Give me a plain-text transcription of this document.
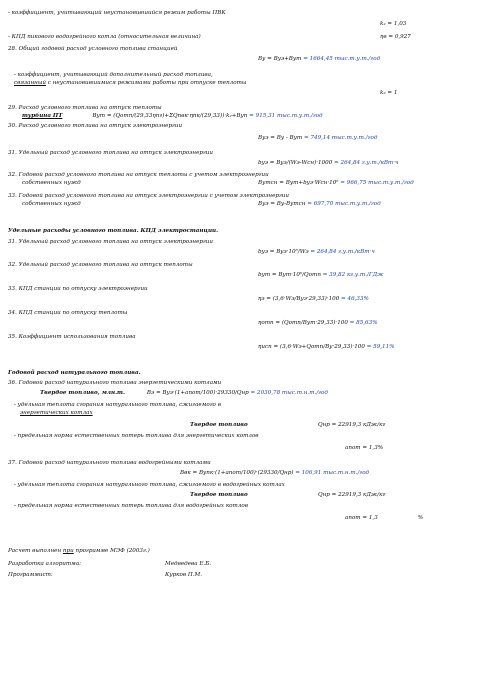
- коэффициент, учитывающий неустановившийся режим работы ПВК
k₂ = 1,03
- КПД пикового водогрейного котла (относительная величина)	ηв = 0,927
28. Общий годовой расход условного топлива станцией
Bу = Bуэ+Bут = 1664,45 тыс.т.у.т./год
- коэффициент, учитывающий дополнительный расход топлива,
связанный с неустановившимися режимами работы при отпуске теплоты
k₂ = 1
29. Расход условного топлива на отпуск теплоты
турбина ПТ	Bут = (Qотп/(29,33ηпг)+ΣQпвк·ηпк/(29,33))·k₂+Bуп = 915,31 тыс.т.у.т./год
30. Расход условного топлива на отпуск электроэнергии
Bуэ = Bу - Bут = 749,14 тыс.т.у.т./год
31. Удельный расход условного топлива на отпуск электроэнергии
bуэ = Bуэ/(Wэ-Wсн)·1000 = 264,84 г.у.т./кВт·ч
32. Годовой расход условного топлива на отпуск теплоты с учетом электроэнергии
собственных нужд	Bутсн = Bут+bуэ·Wсн·10⁶ = 966,75 тыс.т.у.т./год
33. Годовой расход условного топлива на отпуск электроэнергии с учетом электроэнергии
собственных нужд	Bуэ = Bу-Bутсн = 697,70 тыс.т.у.т./год
Удельные расходы условного топлива. КПД электростанции.
31. Удельный расход условного топлива на отпуск электроэнергии
bуэ = Bуэ·10⁶/Wэ = 264,84 г.у.т./кВт·ч
32. Удельный расход условного топлива на отпуск теплоты
bут = Bут·10⁶/Qотп = 39,82 кг.у.т./ГДж
33. КПД станции по отпуску электроэнергии
ηэ = (3,6·Wэ/Bуэ·29,33)·100 = 46,33%
34. КПД станции по отпуску теплоты
ηотп = (Qотп/Bут·29,33)·100 = 85,63%
35. Коэффициент использования топлива
ηисп = (3,6·Wэ+Qотп/Bу·29,33)·100 = 59,11%
Годовой расход натурального топлива.
36. Годовой расход натурального топлива энергетическими котлами
Твердое топливо, млн.т.	Bэ = Bуэ·(1+aпот/100)·29330/Qнр = 2030,78 тыс.т.н.т./год
- удельная теплота сгорания натурального топлива, сжигаемого в
энергетических котлах
Твердое топливо	Qнр = 22919,3 кДж/кг
- предельная норма естественных потерь топлива для энергетических котлов
aпот = 1,3%
37. Годовой расход натурального топлива водогрейными котлами
Bвк = Bупк·(1+aпот/100)·(29330/Qнр) = 106,91 тыс.т.н.т./год
- удельная теплота сгорания натурального топлива, сжигаемого в водогрейных котлах
Твердое топливо	Qнр = 22919,3 кДж/кг
- предельная норма естественных потерь топлива для водогрейных котлов
aпот = 1,3	%
Расчет выполнен при программе МЭФ (2003г.)
Разработка алгоритма:	Медведева Е.Б.
Программист:	Курков П.М.
